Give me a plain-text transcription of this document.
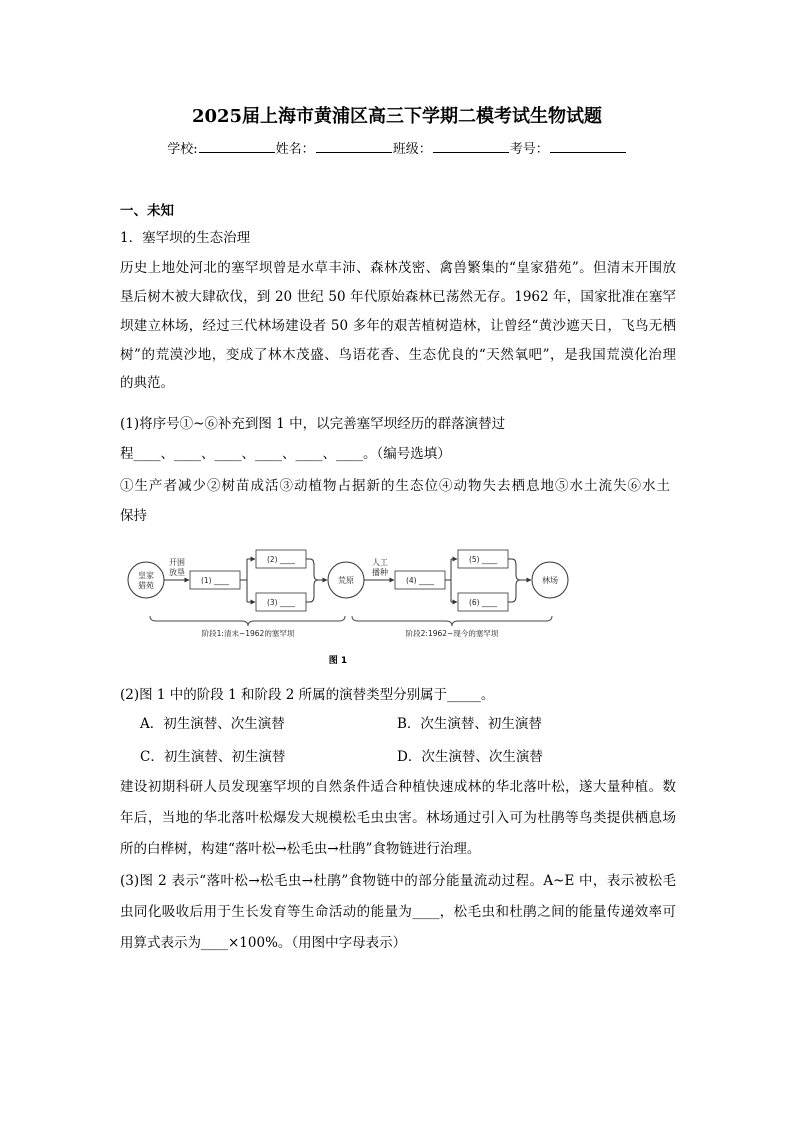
2025届上海市黄浦区高三下学期二模考试生物试题
学校:	姓名：	班级：	考号：
一、未知
1．塞罕坝的生态治理
历史上地处河北的塞罕坝曾是水草丰沛、森林茂密、禽兽繁集的“皇家猎苑”。但清末开围放
垦后树木被大肆砍伐，到 20 世纪 50 年代原始森林已荡然无存。1962 年，国家批准在塞罕
坝建立林场，经过三代林场建设者 50 多年的艰苦植树造林，让曾经“黄沙遮天日，飞鸟无栖
树”的荒漠沙地，变成了林木茂盛、鸟语花香、生态优良的“天然氧吧”，是我国荒漠化治理
的典范。
(1)将序号①~⑥补充到图 1 中，以完善塞罕坝经历的群落演替过
程____、____、____、____、____、____。（编号选填）
①生产者减少②树苗成活③动植物占据新的生态位④动物失去栖息地⑤水土流失⑥水土
保持
皇家
猎苑
开围
放垦
(1) ____
(2) ____
(3) ____
荒原
人工
播种
(4) ____
(5) ____
(6) ____
林场
阶段1:清末~1962的塞罕坝	阶段2:1962~现今的塞罕坝
图 1
(2)图 1 中的阶段 1 和阶段 2 所属的演替类型分别属于_____。
A．初生演替、次生演替	B．次生演替、初生演替
C．初生演替、初生演替	D．次生演替、次生演替
建设初期科研人员发现塞罕坝的自然条件适合种植快速成林的华北落叶松，遂大量种植。数
年后，当地的华北落叶松爆发大规模松毛虫虫害。林场通过引入可为杜鹃等鸟类提供栖息场
所的白桦树，构建“落叶松→松毛虫→杜鹃”食物链进行治理。
(3)图 2 表示“落叶松→松毛虫→杜鹃”食物链中的部分能量流动过程。A~E 中，表示被松毛
虫同化吸收后用于生长发育等生命活动的能量为____，松毛虫和杜鹃之间的能量传递效率可
用算式表示为____×100%。（用图中字母表示）
